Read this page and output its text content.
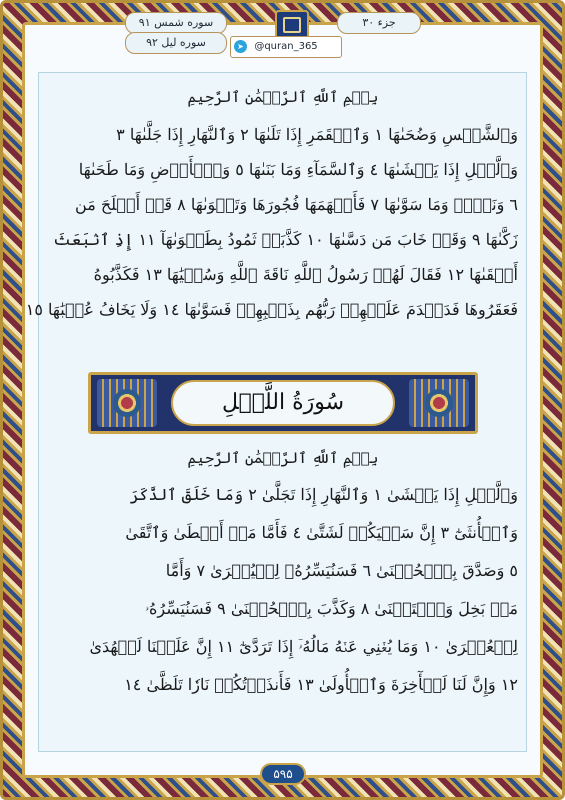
جزء ۳۰
سوره شمس ۹۱
سوره لیل ۹۲	@quran_365
➤
بِسۡمِ ٱللَّهِ ٱلرَّحۡمَٰنِ ٱلرَّحِيمِ
وَٱلشَّمۡسِ وَضُحَىٰهَا ١ وَٱلۡقَمَرِ إِذَا تَلَىٰهَا ٢ وَٱلنَّهَارِ إِذَا جَلَّىٰهَا ٣
وَٱلَّيۡلِ إِذَا يَغۡشَىٰهَا ٤ وَٱلسَّمَآءِ وَمَا بَنَىٰهَا ٥ وَٱلۡأَرۡضِ وَمَا طَحَىٰهَا
٦ وَنَفۡسٖ وَمَا سَوَّىٰهَا ٧ فَأَلۡهَمَهَا فُجُورَهَا وَتَقۡوَىٰهَا ٨ قَدۡ أَفۡلَحَ مَن
زَكَّىٰهَا ٩ وَقَدۡ خَابَ مَن دَسَّىٰهَا ١٠ كَذَّبَتۡ ثَمُودُ بِطَغۡوَىٰهَآ ١١ إِذِ ٱنۢبَعَثَ
أَشۡقَىٰهَا ١٢ فَقَالَ لَهُمۡ رَسُولُ ٱللَّهِ نَاقَةَ ٱللَّهِ وَسُقۡيَٰهَا ١٣ فَكَذَّبُوهُ
فَعَقَرُوهَا فَدَمۡدَمَ عَلَيۡهِمۡ رَبُّهُم بِذَنۢبِهِمۡ فَسَوَّىٰهَا ١٤ وَلَا يَخَافُ عُقۡبَٰهَا ١٥
سُورَةُ اللَّيۡلِ
بِسۡمِ ٱللَّهِ ٱلرَّحۡمَٰنِ ٱلرَّحِيمِ
وَٱلَّيۡلِ إِذَا يَغۡشَىٰ ١ وَٱلنَّهَارِ إِذَا تَجَلَّىٰ ٢ وَمَا خَلَقَ ٱلذَّكَرَ
وَٱلۡأُنثَىٰٓ ٣ إِنَّ سَعۡيَكُمۡ لَشَتَّىٰ ٤ فَأَمَّا مَنۡ أَعۡطَىٰ وَٱتَّقَىٰ
٥ وَصَدَّقَ بِٱلۡحُسۡنَىٰ ٦ فَسَنُيَسِّرُهُۥ لِلۡيُسۡرَىٰ ٧ وَأَمَّا
مَنۢ بَخِلَ وَٱسۡتَغۡنَىٰ ٨ وَكَذَّبَ بِٱلۡحُسۡنَىٰ ٩ فَسَنُيَسِّرُهُۥ
لِلۡعُسۡرَىٰ ١٠ وَمَا يُغۡنِي عَنۡهُ مَالُهُۥٓ إِذَا تَرَدَّىٰٓ ١١ إِنَّ عَلَيۡنَا لَلۡهُدَىٰ
١٢ وَإِنَّ لَنَا لَلۡأٓخِرَةَ وَٱلۡأُولَىٰ ١٣ فَأَنذَرۡتُكُمۡ نَارٗا تَلَظَّىٰ ١٤
۵۹۵
